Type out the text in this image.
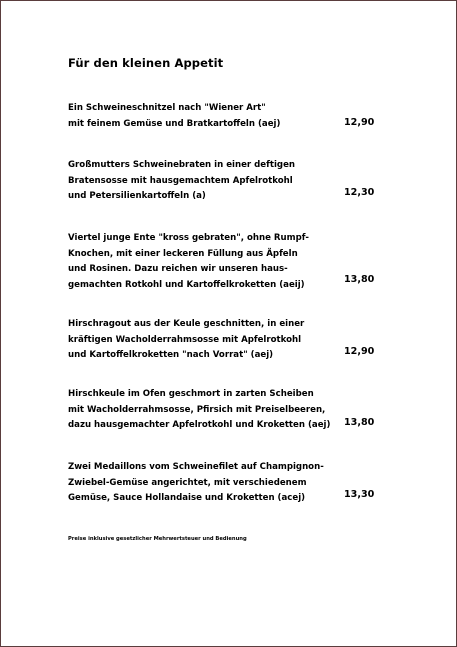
Für den kleinen Appetit
Ein Schweineschnitzel nach "Wiener Art"
mit feinem Gemüse und Bratkartoffeln (aej)	12,90
Großmutters Schweinebraten in einer deftigen
Bratensosse mit hausgemachtem Apfelrotkohl
und Petersilienkartoffeln (a)	12,30
Viertel junge Ente "kross gebraten", ohne Rumpf-
Knochen, mit einer leckeren Füllung aus Äpfeln
und Rosinen. Dazu reichen wir unseren haus-
gemachten Rotkohl und Kartoffelkroketten (aeij)	13,80
Hirschragout aus der Keule geschnitten, in einer
kräftigen Wacholderrahmsosse mit Apfelrotkohl
und Kartoffelkroketten "nach Vorrat" (aej)	12,90
Hirschkeule im Ofen geschmort in zarten Scheiben
mit Wacholderrahmsosse, Pfirsich mit Preiselbeeren,
dazu hausgemachter Apfelrotkohl und Kroketten (aej)	13,80
Zwei Medaillons vom Schweinefilet auf Champignon-
Zwiebel-Gemüse angerichtet, mit verschiedenem
Gemüse, Sauce Hollandaise und Kroketten (acej)	13,30
Preise inklusive gesetzlicher Mehrwertsteuer und Bedienung
